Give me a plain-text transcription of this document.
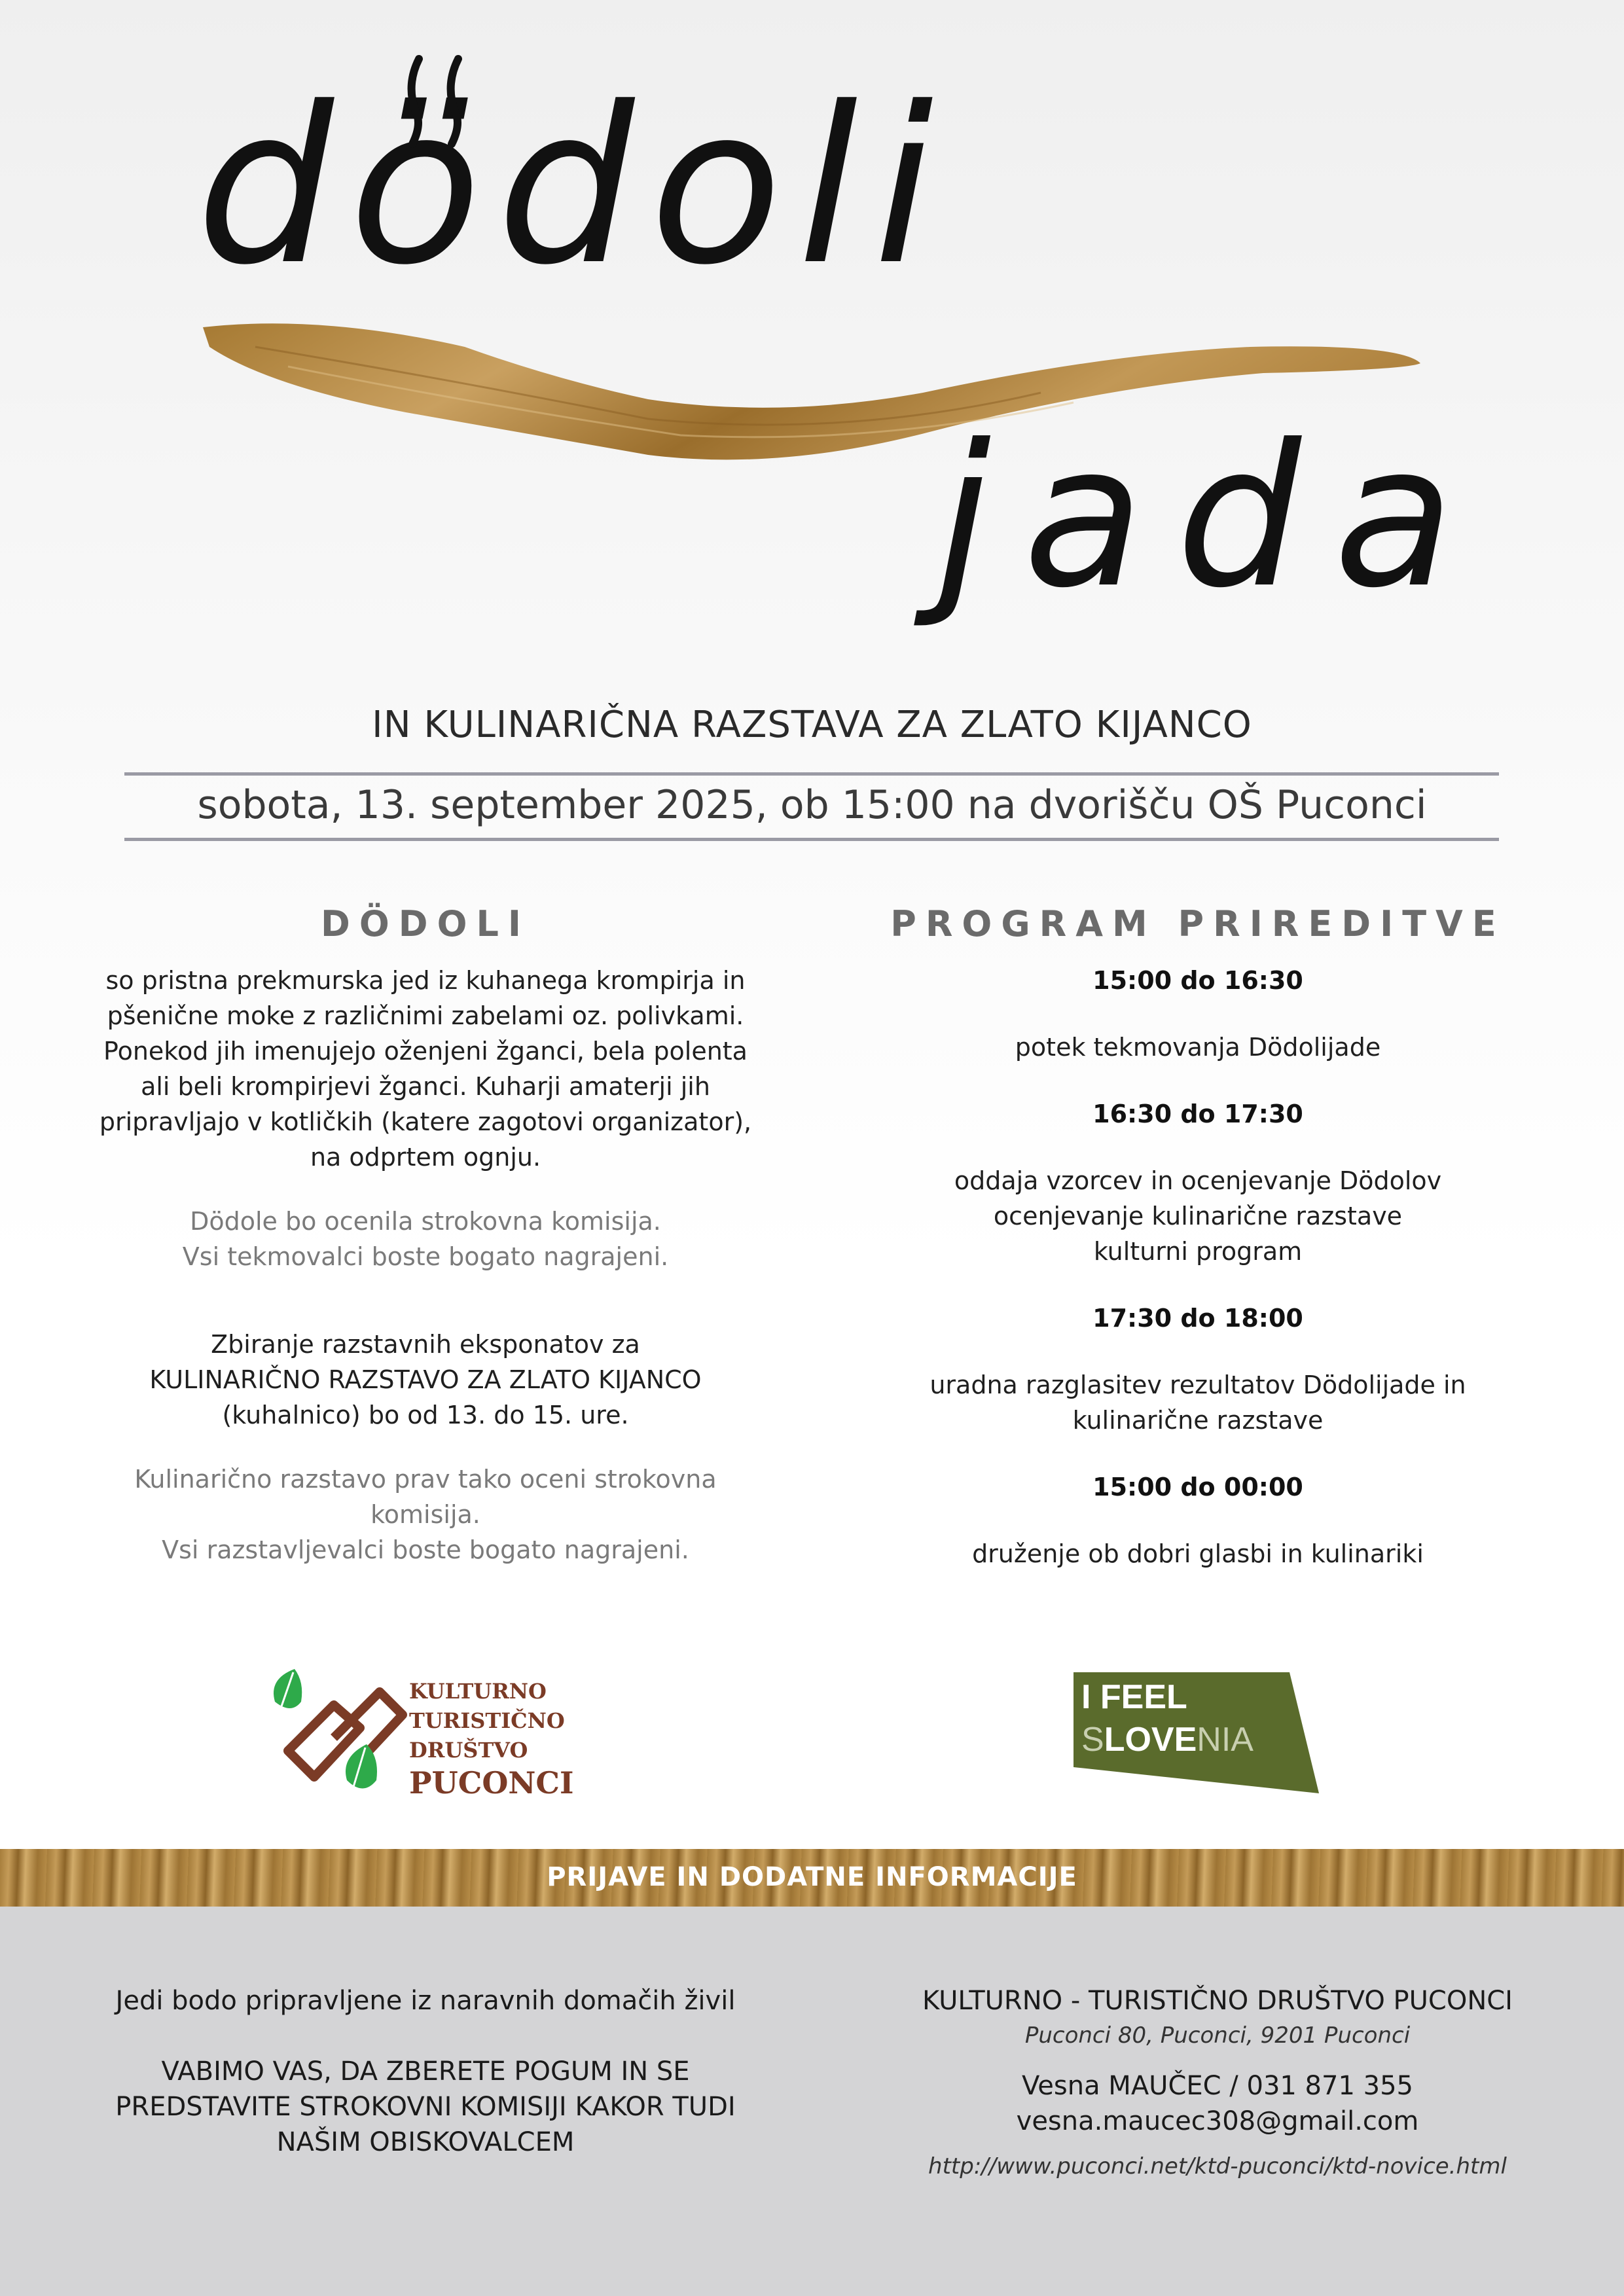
dödoli
jada
IN KULINARIČNA RAZSTAVA ZA ZLATO KIJANCO
sobota, 13. september 2025, ob 15:00 na dvorišču OŠ Puconci
DÖDOLI
so pristna prekmurska jed iz kuhanega krompirja in
pšenične moke z različnimi zabelami oz. polivkami.
Ponekod jih imenujejo oženjeni žganci, bela polenta
ali beli krompirjevi žganci. Kuharji amaterji jih
pripravljajo v kotličkih (katere zagotovi organizator),
na odprtem ognju.
Dödole bo ocenila strokovna komisija.
Vsi tekmovalci boste bogato nagrajeni.
Zbiranje razstavnih eksponatov za
KULINARIČNO RAZSTAVO ZA ZLATO KIJANCO
(kuhalnico) bo od 13. do 15. ure.
Kulinarično razstavo prav tako oceni strokovna
komisija.
Vsi razstavljevalci boste bogato nagrajeni.
PROGRAM PRIREDITVE
15:00 do 16:30
potek tekmovanja Dödolijade
16:30 do 17:30
oddaja vzorcev in ocenjevanje Dödolov
ocenjevanje kulinarične razstave
kulturni program
17:30 do 18:00
uradna razglasitev rezultatov Dödolijade in
kulinarične razstave
15:00 do 00:00
druženje ob dobri glasbi in kulinariki
KULTURNO
TURISTIČNO
DRUŠTVO
PUCONCI
I FEEL
SLOVENIA
PRIJAVE IN DODATNE INFORMACIJE
Jedi bodo pripravljene iz naravnih domačih živil
VABIMO VAS, DA ZBERETE POGUM IN SE
PREDSTAVITE STROKOVNI KOMISIJI KAKOR TUDI
NAŠIM OBISKOVALCEM
KULTURNO - TURISTIČNO DRUŠTVO PUCONCI
Puconci 80, Puconci, 9201 Puconci
Vesna MAUČEC / 031 871 355
vesna.maucec308@gmail.com
http://www.puconci.net/ktd-puconci/ktd-novice.html
